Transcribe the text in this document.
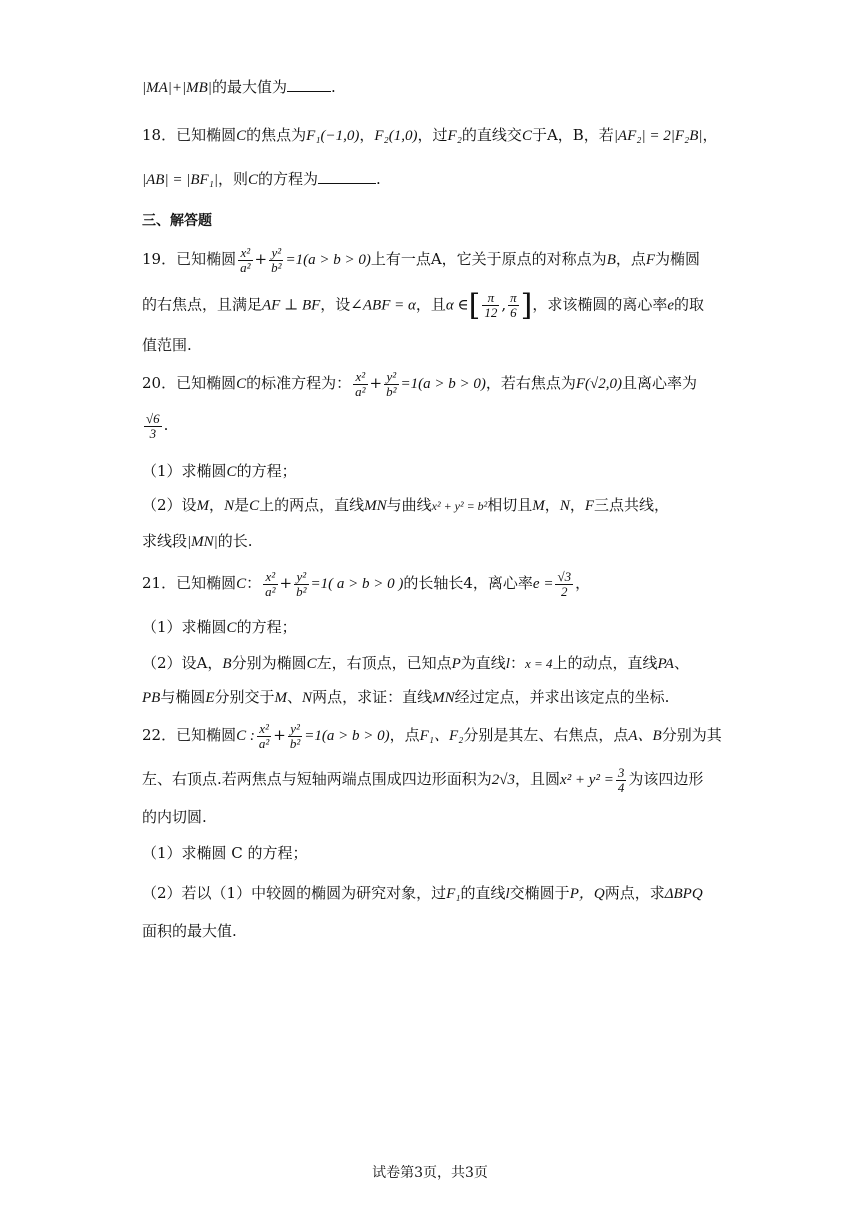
|MA|+|MB|的最大值为	.
18．已知椭圆C的焦点为F₁(−1,0)，F₂(1,0)，过F₂的直线交C于A，B，若|AF₂| = 2|F₂B|，
|AB| = |BF₁|，则C的方程为	.
三、解答题
19．已知椭圆 $\frac{\text{x²}}{\text{a²}} + \frac{\text{y²}}{\text{b²}} =1(a > b > 0)$上有一点A，它关于原点的对称点为B，点F为椭圆
的右焦点，且满足AF ⊥ BF，设∠ABF = α，且α ∈[ $\frac{\pi}{12}$ , $\frac{\pi}{6}$ ]，求该椭圆的离心率e的取
值范围.
20．已知椭圆C的标准方程为： $\frac{\text{x²}}{\text{a²}} + \frac{\text{y²}}{\text{b²}} =1(a > b > 0)$，若右焦点为F(√2,0)且离心率为
$\frac{√6}{3}$ .
（1）求椭圆C的方程；
（2）设M，N是C上的两点，直线MN与曲线x² + y² = b²相切且M，N，F三点共线，
求线段|MN|的长.
21．已知椭圆C： $\frac{\text{x²}}{\text{a²}} + \frac{\text{y²}}{\text{b²}} =1$( a > b > 0 )的长轴长4，离心率$e = \frac{√3}{2}$ ，
（1）求椭圆C的方程；
（2）设A，B分别为椭圆C左，右顶点，已知点P为直线l：x = 4上的动点，直线PA、
PB与椭圆E分别交于M、N两点，求证：直线MN经过定点，并求出该定点的坐标.
22．已知椭圆C : $\frac{\text{x²}}{\text{a²}} + \frac{\text{y²}}{\text{b²}} =1(a > b > 0)$，点F₁、F₂分别是其左、右焦点，点A、B分别为其
左、右顶点.若两焦点与短轴两端点围成四边形面积为2√3，且圆$x^2 + y^2 = \frac{3}{4}$ 为该四边形
的内切圆.
（1）求椭圆 C 的方程；
（2）若以（1）中较圆的椭圆为研究对象，过F₁的直线l交椭圆于P，Q两点，求ΔBPQ
面积的最大值.
试卷第3页，共3页
